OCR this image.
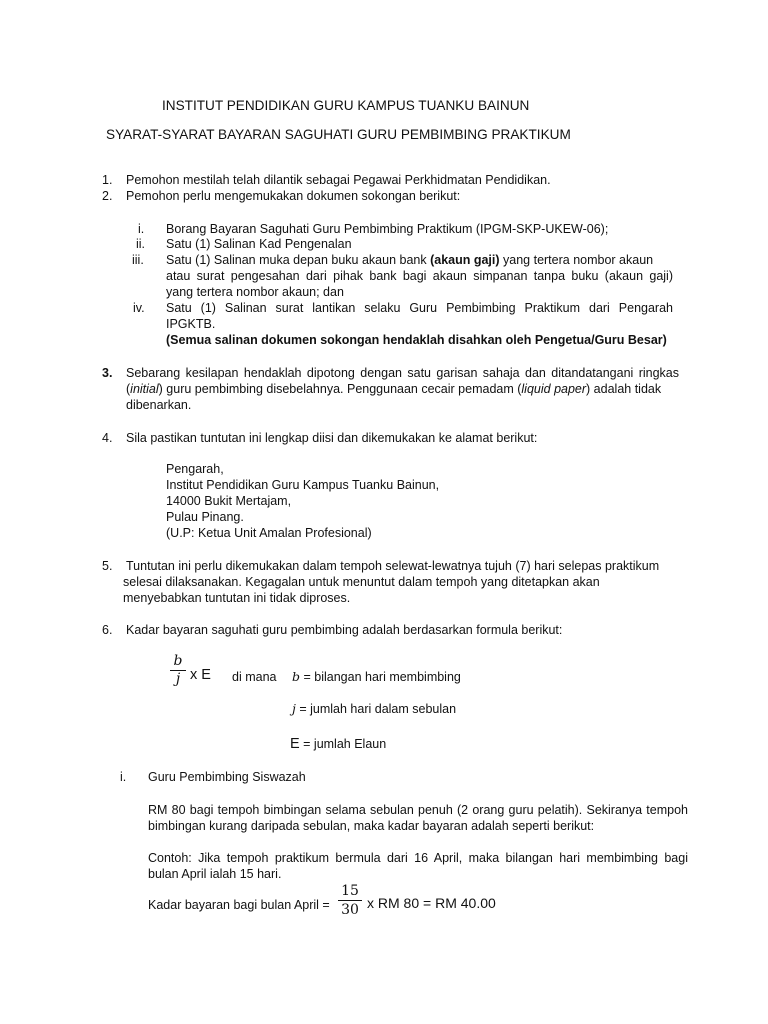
INSTITUT PENDIDIKAN GURU KAMPUS TUANKU BAINUN
SYARAT-SYARAT BAYARAN SAGUHATI GURU PEMBIMBING PRAKTIKUM
1. Pemohon mestilah telah dilantik sebagai Pegawai Perkhidmatan Pendidikan.
2. Pemohon perlu mengemukakan dokumen sokongan berikut:
i. Borang Bayaran Saguhati Guru Pembimbing Praktikum (IPGM-SKP-UKEW-06);
ii. Satu (1) Salinan Kad Pengenalan
iii. Satu (1) Salinan muka depan buku akaun bank (akaun gaji) yang tertera nombor akaun
atau surat pengesahan dari pihak bank bagi akaun simpanan tanpa buku (akaun gaji)
yang tertera nombor akaun; dan
iv. Satu (1) Salinan surat lantikan selaku Guru Pembimbing Praktikum dari Pengarah
IPGKTB.
(Semua salinan dokumen sokongan hendaklah disahkan oleh Pengetua/Guru Besar)
3. Sebarang kesilapan hendaklah dipotong dengan satu garisan sahaja dan ditandatangani ringkas
(initial) guru pembimbing disebelahnya. Penggunaan cecair pemadam (liquid paper) adalah tidak
dibenarkan.
4. Sila pastikan tuntutan ini lengkap diisi dan dikemukakan ke alamat berikut:
Pengarah,
Institut Pendidikan Guru Kampus Tuanku Bainun,
14000 Bukit Mertajam,
Pulau Pinang.
(U.P: Ketua Unit Amalan Profesional)
5. Tuntutan ini perlu dikemukakan dalam tempoh selewat-lewatnya tujuh (7) hari selepas praktikum
selesai dilaksanakan. Kegagalan untuk menuntut dalam tempoh yang ditetapkan akan
menyebabkan tuntutan ini tidak diproses.
6. Kadar bayaran saguhati guru pembimbing adalah berdasarkan formula berikut:
b
j x E di mana b = bilangan hari membimbing
j = jumlah hari dalam sebulan
E = jumlah Elaun
i. Guru Pembimbing Siswazah
RM 80 bagi tempoh bimbingan selama sebulan penuh (2 orang guru pelatih). Sekiranya tempoh
bimbingan kurang daripada sebulan, maka kadar bayaran adalah seperti berikut:
Contoh: Jika tempoh praktikum bermula dari 16 April, maka bilangan hari membimbing bagi
bulan April ialah 15 hari.
Kadar bayaran bagi bulan April =
15
30 x RM 80 = RM 40.00
